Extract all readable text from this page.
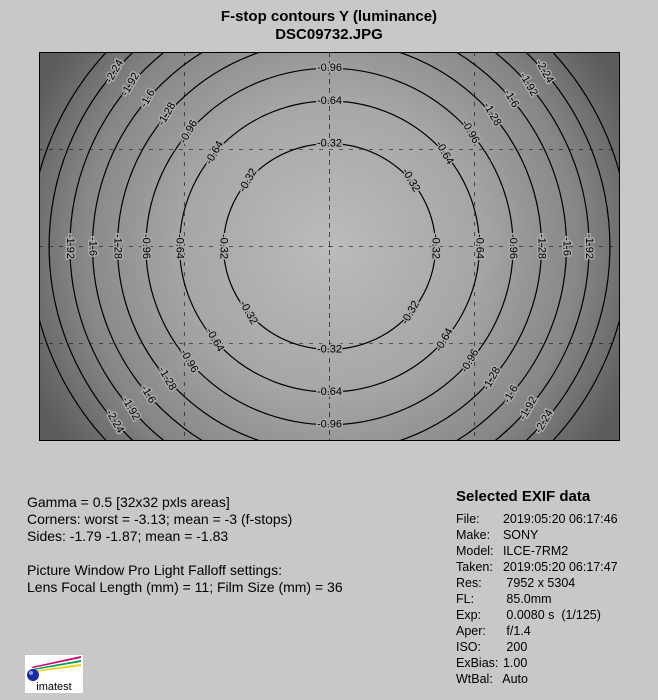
F-stop contours Y (luminance)
DSC09732.JPG
-0.32
-0.32
-0.32
-0.32
-0.32	-0.32
-0.32
-0.32
-0.64
-0.64
-0.64
-0.64
-0.64	-0.64
-0.64
-0.64
-0.96
-0.96
-0.96
-0.96
-0.96	-0.96
-0.96
-0.96
-1.28
-1.28
-1.28
-1.28
-1.28	-1.28
-1.6
-1.6
-1.6
-1.6
-1.6	-1.6
-1.92
-1.92
-1.92
-1.92
-1.92	-1.92
-2.24
-2.24
-2.24	-2.24
Gamma = 0.5 [32x32 pxls areas]
Corners: worst = -3.13; mean = -3 (f-stops)
Sides: -1.79 -1.87; mean = -1.83
Picture Window Pro Light Falloff settings:
Lens Focal Length (mm) = 11; Film Size (mm) = 36
Selected EXIF data
File:  2019:05:20 06:17:46
Make:  SONY
Model:  ILCE-7RM2
Taken:  2019:05:20 06:17:47
Res:   7952 x 5304
FL:   85.0mm
Exp:   0.0080 s  (1/125)
Aper:   f/1.4
ISO:   200
ExBias:  1.00
WtBal:  Auto
imatest
